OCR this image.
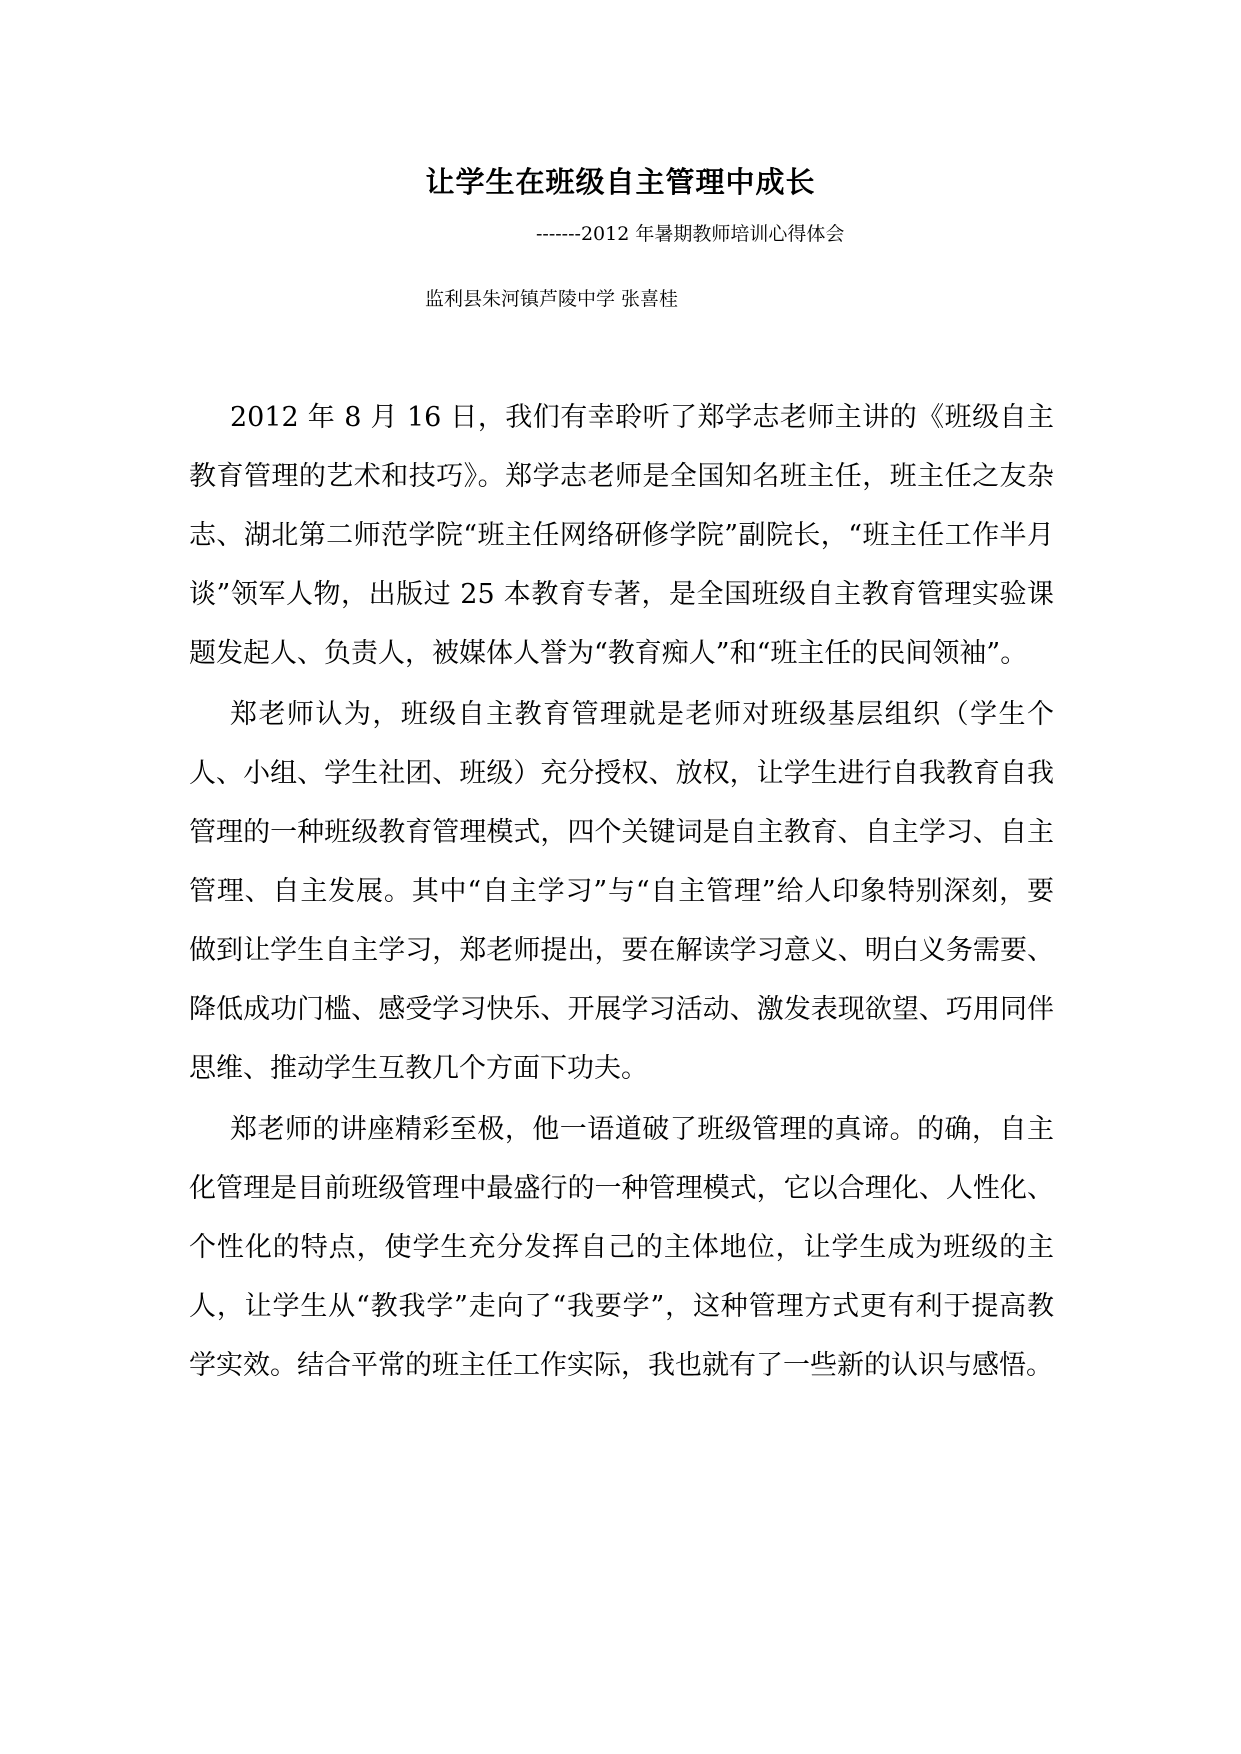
让学生在班级自主管理中成长
-------2012 年暑期教师培训心得体会
监利县朱河镇芦陵中学 张喜桂

2012 年 8 月 16 日，我们有幸聆听了郑学志老师主讲的《班级自主教育管理的艺术和技巧》。郑学志老师是全国知名班主任，班主任之友杂志、湖北第二师范学院“班主任网络研修学院”副院长，“班主任工作半月谈”领军人物，出版过 25 本教育专著，是全国班级自主教育管理实验课题发起人、负责人，被媒体人誉为“教育痴人”和“班主任的民间领袖”。

郑老师认为，班级自主教育管理就是老师对班级基层组织（学生个人、小组、学生社团、班级）充分授权、放权，让学生进行自我教育自我管理的一种班级教育管理模式，四个关键词是自主教育、自主学习、自主管理、自主发展。其中“自主学习”与“自主管理”给人印象特别深刻，要做到让学生自主学习，郑老师提出，要在解读学习意义、明白义务需要、降低成功门槛、感受学习快乐、开展学习活动、激发表现欲望、巧用同伴思维、推动学生互教几个方面下功夫。

郑老师的讲座精彩至极，他一语道破了班级管理的真谛。的确，自主化管理是目前班级管理中最盛行的一种管理模式，它以合理化、人性化、个性化的特点，使学生充分发挥自己的主体地位，让学生成为班级的主人，让学生从“教我学”走向了“我要学”，这种管理方式更有利于提高教学实效。结合平常的班主任工作实际，我也就有了一些新的认识与感悟。
